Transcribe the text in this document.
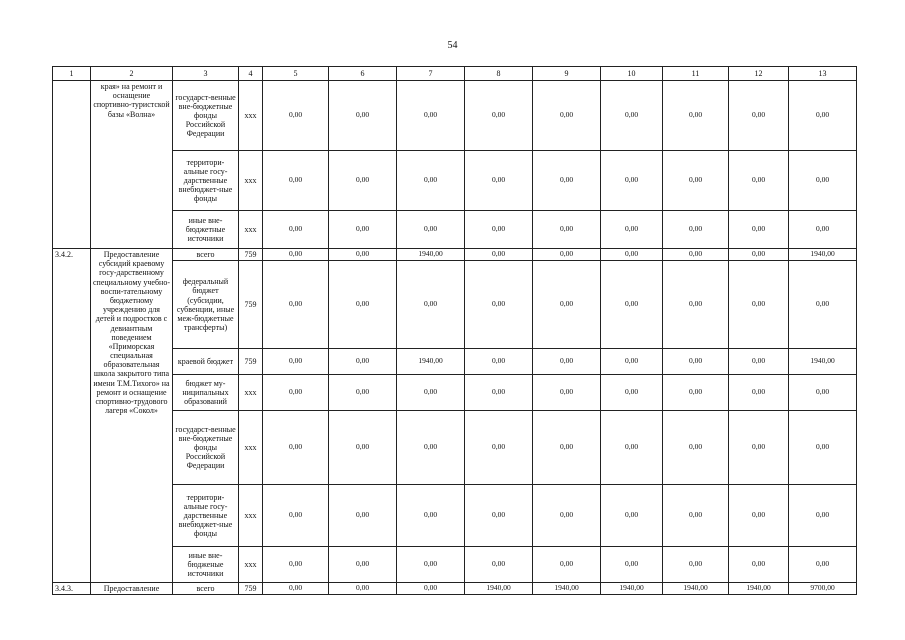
54
1	2	3	4	5	6	7	8	9	10	11	12	13
	края» на ремонт и оснащение спортивно-туристской базы «Волна»	государст-венные вне-бюджетные фонды Российской Федерации	ххх	0,00	0,00	0,00	0,00	0,00	0,00	0,00	0,00	0,00
		территори-альные госу-дарственные внебюджет-ные фонды	ххх	0,00	0,00	0,00	0,00	0,00	0,00	0,00	0,00	0,00
		иные вне-бюджетные источники	ххх	0,00	0,00	0,00	0,00	0,00	0,00	0,00	0,00	0,00
3.4.2.	Предоставление субсидий краевому госу-дарственному специальному учебно-воспи-тательному бюджетному учреждению для детей и подростков с девиантным поведением «Приморская специальная образовательная школа закрытого типа имени Т.М.Тихого» на ремонт и оснащение спортивно-трудового лагеря «Сокол»	всего	759	0,00	0,00	1940,00	0,00	0,00	0,00	0,00	0,00	1940,00
		федеральный бюджет (субсидии, субвенции, иные меж-бюджетные трансферты)	759	0,00	0,00	0,00	0,00	0,00	0,00	0,00	0,00	0,00
		краевой бюджет	759	0,00	0,00	1940,00	0,00	0,00	0,00	0,00	0,00	1940,00
		бюджет му-ниципальных образований	ххх	0,00	0,00	0,00	0,00	0,00	0,00	0,00	0,00	0,00
		государст-венные вне-бюджетные фонды Российской Федерации	ххх	0,00	0,00	0,00	0,00	0,00	0,00	0,00	0,00	0,00
		территори-альные госу-дарственные внебюджет-ные фонды	ххх	0,00	0,00	0,00	0,00	0,00	0,00	0,00	0,00	0,00
		иные вне-бюдженые источники	ххх	0,00	0,00	0,00	0,00	0,00	0,00	0,00	0,00	0,00
3.4.3.	Предоставление	всего	759	0,00	0,00	0,00	1940,00	1940,00	1940,00	1940,00	1940,00	9700,00
